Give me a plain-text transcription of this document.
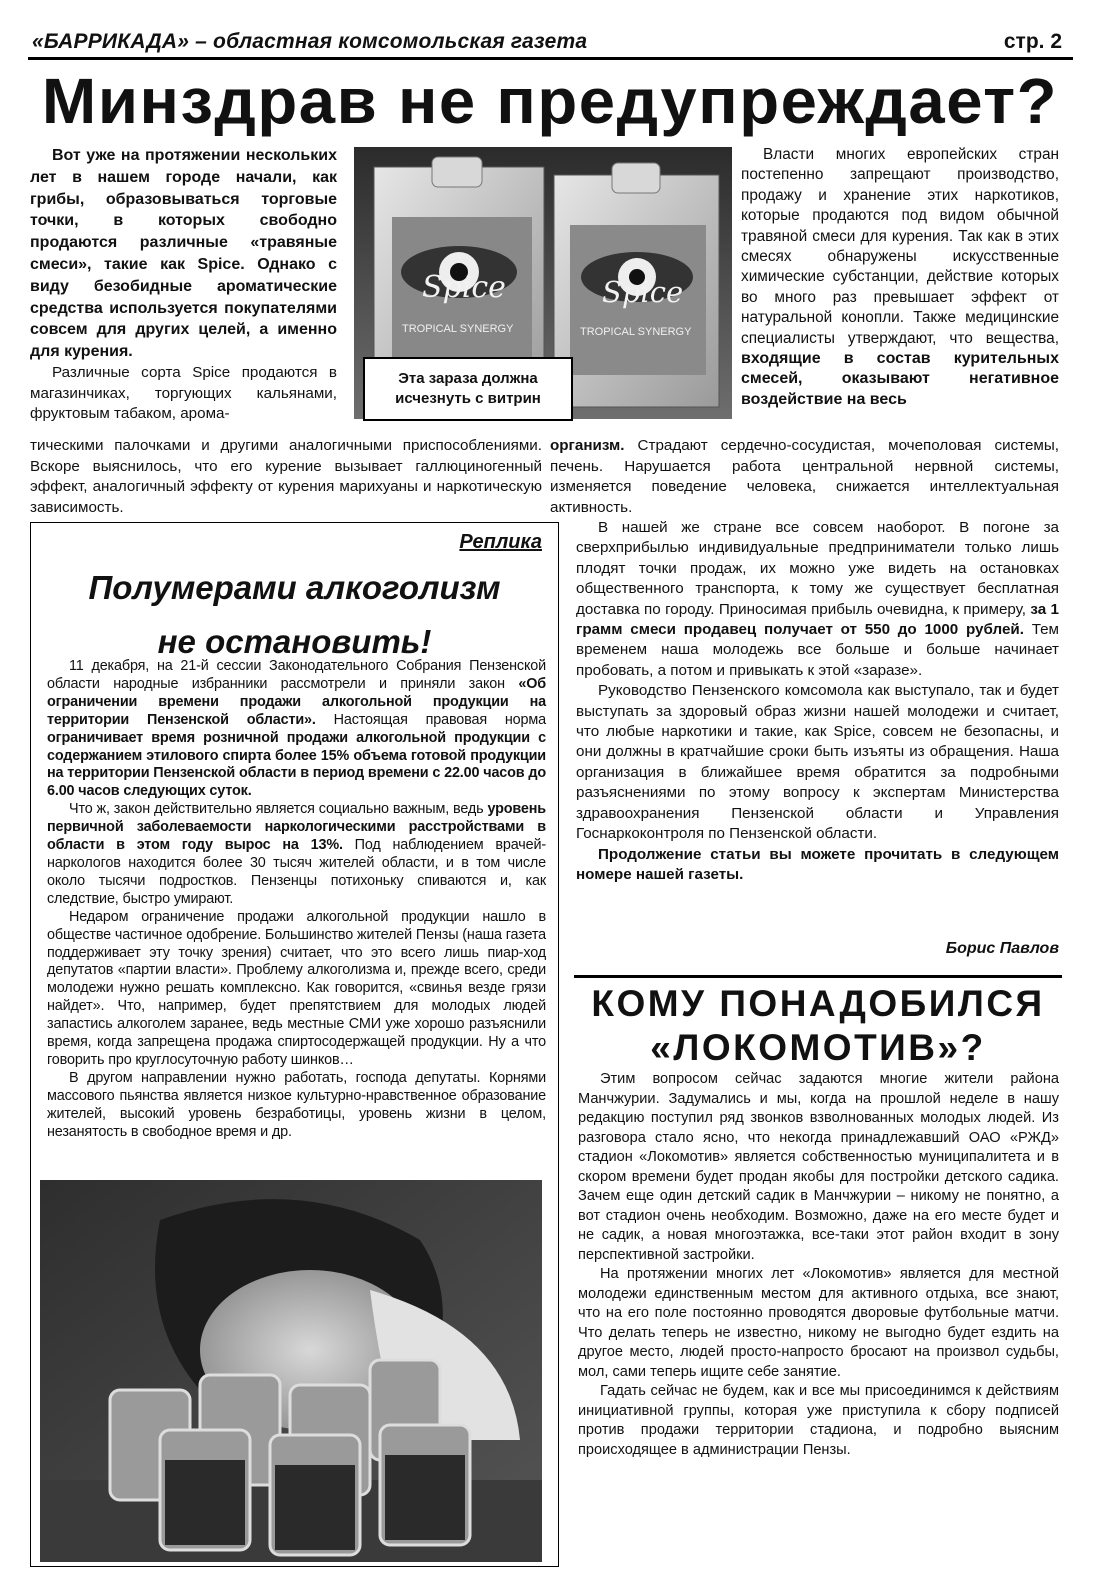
«БАРРИКАДА» – областная комсомольская газета	стр. 2
Минздрав не предупреждает?

Вот уже на протяжении нескольких лет в нашем городе начали, как грибы, образовываться торговые точки, в которых свободно продаются различные «травяные смеси», такие как Spice. Однако с виду безобидные ароматические средства используется покупателями совсем для других целей, а именно для курения.

Различные сорта Spice продаются в магазинчиках, торгующих кальянами, фруктовым табаком, арома-

Spice
TROPICAL SYNERGY
Spice
TROPICAL SYNERGY
Эта зараза должна исчезнуть с витрин

Власти многих европейских стран постепенно запрещают производство, продажу и хранение этих наркотиков, которые продаются под видом обычной травяной смеси для курения. Так как в этих смесях обнаружены искусственные химические субстанции, действие которых во много раз превышает эффект от натуральной конопли. Также медицинские специалисты утверждают, что вещества, входящие в состав курительных смесей, оказывают негативное воздействие на весь

тическими палочками и другими аналогичными приспособлениями. Вскоре выяснилось, что его курение вызывает галлюциногенный эффект, аналогичный эффекту от курения марихуаны и наркотическую зависимость.
организм. Страдают сердечно-сосудистая, мочеполовая системы, печень. Нарушается работа центральной нервной системы, изменяется поведение человека, снижается интеллектуальная активность.
Реплика
Полумерами алкоголизм
не остановить!

11 декабря, на 21-й сессии Законодательного Собрания Пензенской области народные избранники рассмотрели и приняли закон «Об ограничении времени продажи алкогольной продукции на территории Пензенской области». Настоящая правовая норма ограничивает время розничной продажи алкогольной продукции с содержанием этилового спирта более 15% объема готовой продукции на территории Пензенской области в период времени с 22.00 часов до 6.00 часов следующих суток.

Что ж, закон действительно является социально важным, ведь уровень первичной заболеваемости наркологическими расстройствами в области в этом году вырос на 13%. Под наблюдением врачей-наркологов находится более 30 тысяч жителей области, и в том числе около тысячи подростков. Пензенцы потихоньку спиваются и, как следствие, быстро умирают.

Недаром ограничение продажи алкогольной продукции нашло в обществе частичное одобрение. Большинство жителей Пензы (наша газета поддерживает эту точку зрения) считает, что это всего лишь пиар-ход депутатов «партии власти». Проблему алкоголизма и, прежде всего, среди молодежи нужно решать комплексно. Как говорится, «свинья везде грязи найдет». Что, например, будет препятствием для молодых людей запастись алкоголем заранее, ведь местные СМИ уже хорошо разъяснили время, когда запрещена продажа спиртосодержащей продукции. Ну а что говорить про круглосуточную работу шинков…

В другом направлении нужно работать, господа депутаты. Корнями массового пьянства является низкое культурно-нравственное образование жителей, высокий уровень безработицы, уровень жизни в целом, незанятость в свободное время и др.

В нашей же стране все совсем наоборот. В погоне за сверхприбылью индивидуальные предприниматели только лишь плодят точки продаж, их можно уже видеть на остановках общественного транспорта, к тому же существует бесплатная доставка по городу. Приносимая прибыль очевидна, к примеру, за 1 грамм смеси продавец получает от 550 до 1000 рублей. Тем временем наша молодежь все больше и больше начинает пробовать, а потом и привыкать к этой «заразе».

Руководство Пензенского комсомола как выступало, так и будет выступать за здоровый образ жизни нашей молодежи и считает, что любые наркотики и такие, как Spice, совсем не безопасны, и они должны в кратчайшие сроки быть изъяты из обращения. Наша организация в ближайшее время обратится за подробными разъяснениями по этому вопросу к экспертам Министерства здравоохранения Пензенской области и Управления Госнаркоконтроля по Пензенской области.

Продолжение статьи вы можете прочитать в следующем номере нашей газеты.

Борис Павлов
КОМУ ПОНАДОБИЛСЯ
«ЛОКОМОТИВ»?

Этим вопросом сейчас задаются многие жители района Манчжурии. Задумались и мы, когда на прошлой неделе в нашу редакцию поступил ряд звонков взволнованных молодых людей. Из разговора стало ясно, что некогда принадлежавший ОАО «РЖД» стадион «Локомотив» является собственностью муниципалитета и в скором времени будет продан якобы для постройки детского садика. Зачем еще один детский садик в Манчжурии – никому не понятно, а вот стадион очень необходим. Возможно, даже на его месте будет и не садик, а новая многоэтажка, все-таки этот район входит в зону перспективной застройки.

На протяжении многих лет «Локомотив» является для местной молодежи единственным местом для активного отдыха, все знают, что на его поле постоянно проводятся дворовые футбольные матчи. Что делать теперь не известно, никому не выгодно будет ездить на другое место, людей просто-напросто бросают на произвол судьбы, мол, сами теперь ищите себе занятие.

Гадать сейчас не будем, как и все мы присоединимся к действиям инициативной группы, которая уже приступила к сбору подписей против продажи территории стадиона, и подробно выясним происходящее в администрации Пензы.
